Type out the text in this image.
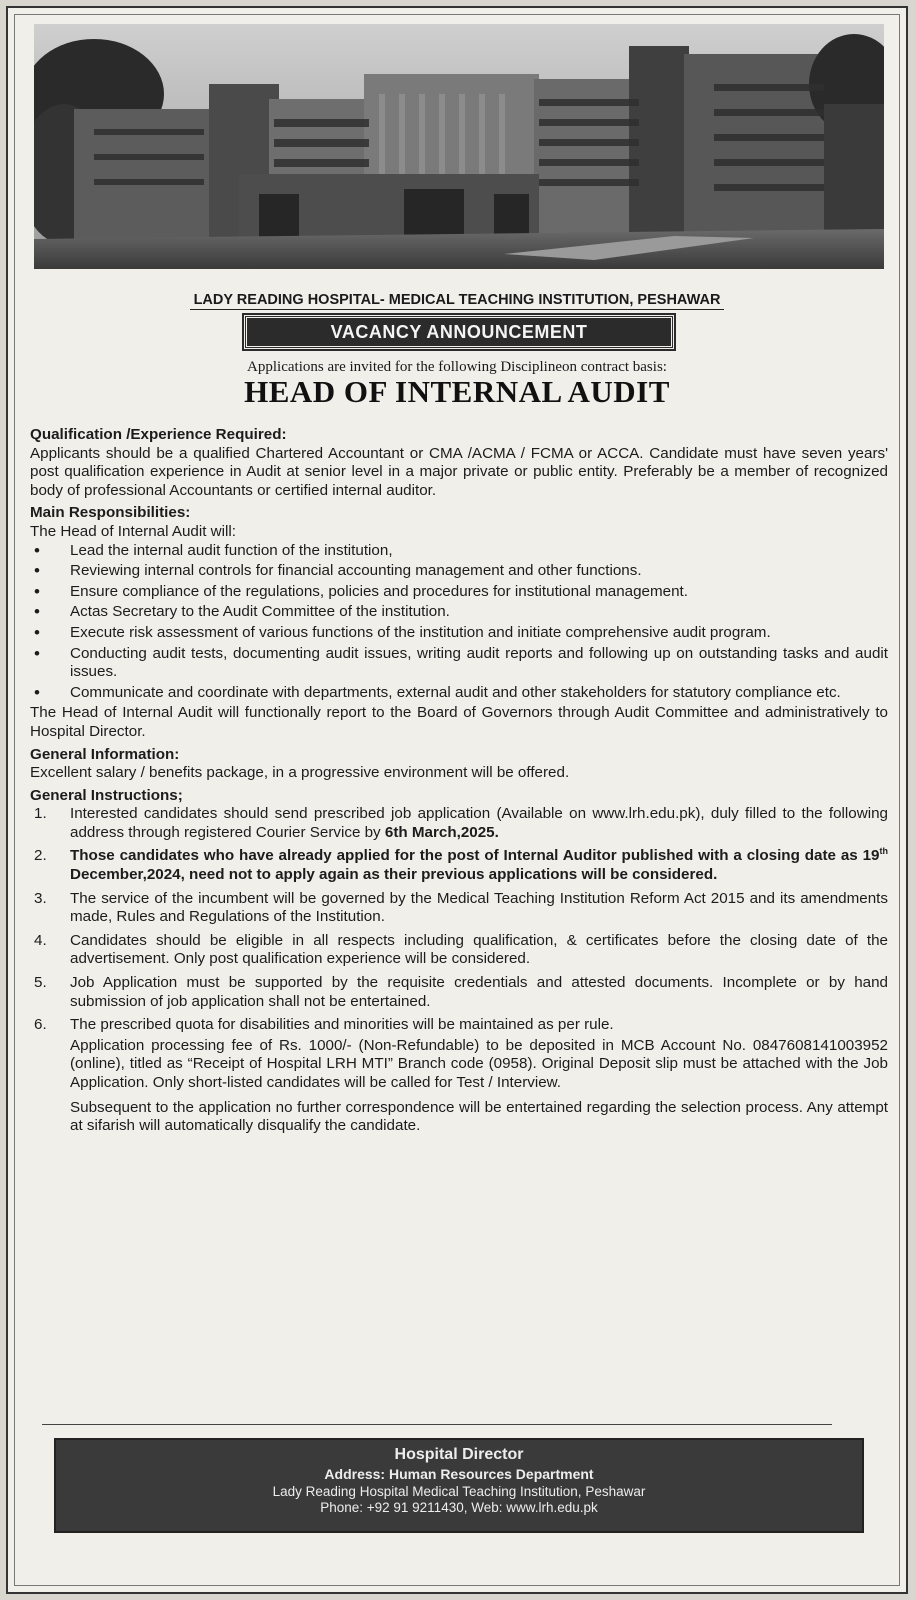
LADY READING HOSPITAL- MEDICAL TEACHING INSTITUTION, PESHAWAR
VACANCY ANNOUNCEMENT
Applications are invited for the following Disciplineon contract basis:
HEAD OF INTERNAL AUDIT

Qualification /Experience Required:

Applicants should be a qualified Chartered Accountant or CMA /ACMA / FCMA or ACCA. Candidate must have seven years' post qualification experience in Audit at senior level in a major private or public entity. Preferably be a member of recognized body of professional Accountants or certified internal auditor.

Main Responsibilities:

The Head of Internal Audit will:

• Lead the internal audit function of the institution,
• Reviewing internal controls for financial accounting management and other functions.
• Ensure compliance of the regulations, policies and procedures for institutional management.
• Actas Secretary to the Audit Committee of the institution.
• Execute risk assessment of various functions of the institution and initiate comprehensive audit program.
• Conducting audit tests, documenting audit issues, writing audit reports and following up on outstanding tasks and audit issues.
• Communicate and coordinate with departments, external audit and other stakeholders for statutory compliance etc.

The Head of Internal Audit will functionally report to the Board of Governors through Audit Committee and administratively to Hospital Director.

General Information:

Excellent salary / benefits package, in a progressive environment will be offered.

General Instructions;

1. Interested candidates should send prescribed job application (Available on www.lrh.edu.pk), duly filled to the following address through registered Courier Service by 6th March,2025.
2. Those candidates who have already applied for the post of Internal Auditor published with a closing date as 19th December,2024, need not to apply again as their previous applications will be considered.
3. The service of the incumbent will be governed by the Medical Teaching Institution Reform Act 2015 and its amendments made, Rules and Regulations of the Institution.
4. Candidates should be eligible in all respects including qualification, & certificates before the closing date of the advertisement. Only post qualification experience will be considered.
5. Job Application must be supported by the requisite credentials and attested documents. Incomplete or by hand submission of job application shall not be entertained.
6. The prescribed quota for disabilities and minorities will be maintained as per rule.

Application processing fee of Rs. 1000/- (Non-Refundable) to be deposited in MCB Account No. 0847608141003952 (online), titled as “Receipt of Hospital LRH MTI” Branch code (0958). Original Deposit slip must be attached with the Job Application. Only short-listed candidates will be called for Test / Interview.

Subsequent to the application no further correspondence will be entertained regarding the selection process. Any attempt at sifarish will automatically disqualify the candidate.

Hospital Director
Address: Human Resources Department
Lady Reading Hospital Medical Teaching Institution, Peshawar
Phone: +92 91 9211430, Web: www.lrh.edu.pk
